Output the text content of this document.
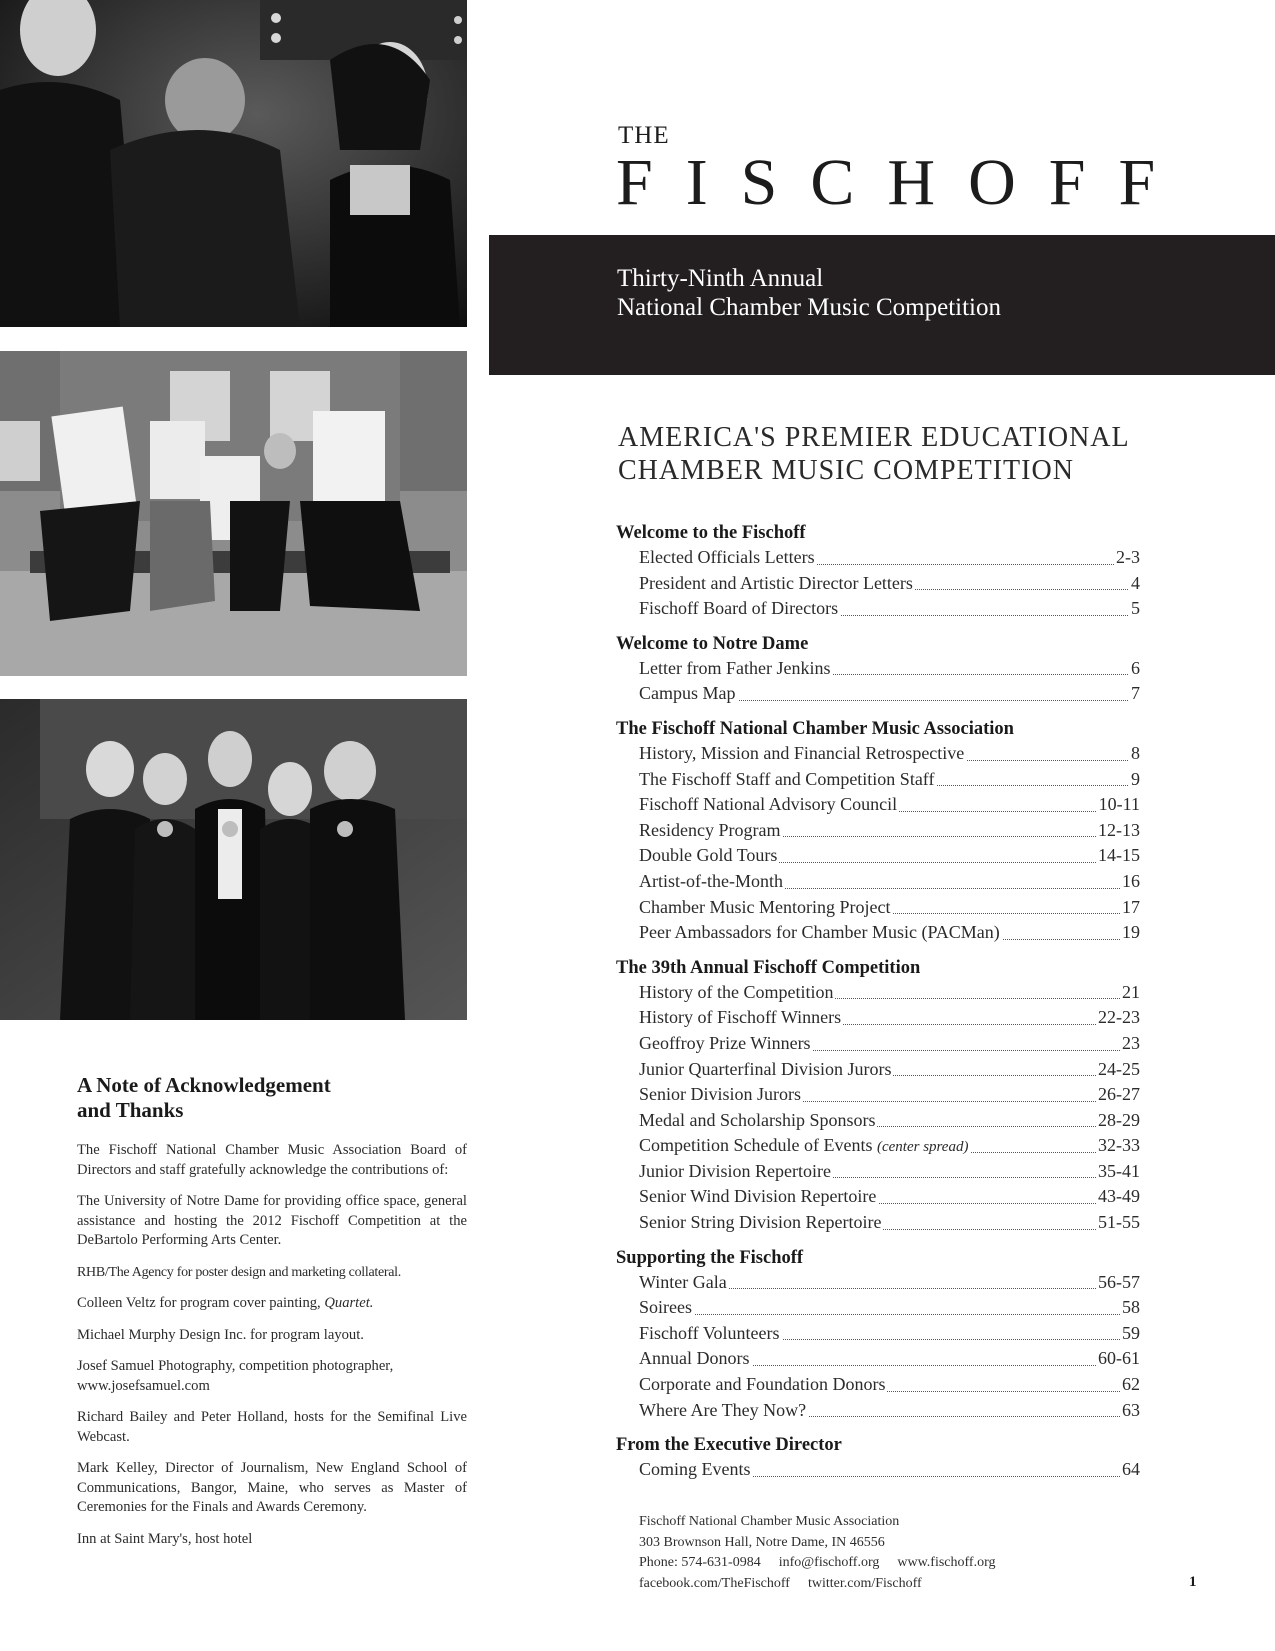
THE
FISCHOFF
Thirty-Ninth Annual
National Chamber Music Competition
AMERICA'S PREMIER EDUCATIONAL
CHAMBER MUSIC COMPETITION
Welcome to the Fischoff
Elected Officials Letters	2-3
President and Artistic Director Letters	4
Fischoff Board of Directors	5
Welcome to Notre Dame
Letter from Father Jenkins	6
Campus Map	7
The Fischoff National Chamber Music Association
History, Mission and Financial Retrospective	8
The Fischoff Staff and Competition Staff	9
Fischoff National Advisory Council	10-11
Residency Program	12-13
Double Gold Tours	14-15
Artist-of-the-Month	16
Chamber Music Mentoring Project	17
Peer Ambassadors for Chamber Music (PACMan)	19
The 39th Annual Fischoff Competition
History of the Competition	21
History of Fischoff Winners	22-23
Geoffroy Prize Winners	23
Junior Quarterfinal Division Jurors	24-25
Senior Division Jurors	26-27
Medal and Scholarship Sponsors	28-29
Competition Schedule of Events (center spread)	32-33
Junior Division Repertoire	35-41
Senior Wind Division Repertoire	43-49
Senior String Division Repertoire	51-55
Supporting the Fischoff
Winter Gala	56-57
Soirees	58
Fischoff Volunteers	59
Annual Donors	60-61
Corporate and Foundation Donors	62
Where Are They Now?	63
From the Executive Director
Coming Events	64
A Note of Acknowledgement
and Thanks

The Fischoff National Chamber Music Association Board of Directors and staff gratefully acknowledge the contributions of:

The University of Notre Dame for providing office space, general assistance and hosting the 2012 Fischoff Competition at the DeBartolo Performing Arts Center.

RHB/The Agency for poster design and marketing collateral.

Colleen Veltz for program cover painting, Quartet.

Michael Murphy Design Inc. for program layout.

Josef Samuel Photography, competition photographer,
www.josefsamuel.com

Richard Bailey and Peter Holland, hosts for the Semifinal Live Webcast.

Mark Kelley, Director of Journalism, New England School of Communications, Bangor, Maine, who serves as Master of Ceremonies for the Finals and Awards Ceremony.

Inn at Saint Mary's, host hotel

Fischoff National Chamber Music Association
303 Brownson Hall, Notre Dame, IN 46556
Phone: 574-631-0984 info@fischoff.org www.fischoff.org
facebook.com/TheFischoff twitter.com/Fischoff	1
